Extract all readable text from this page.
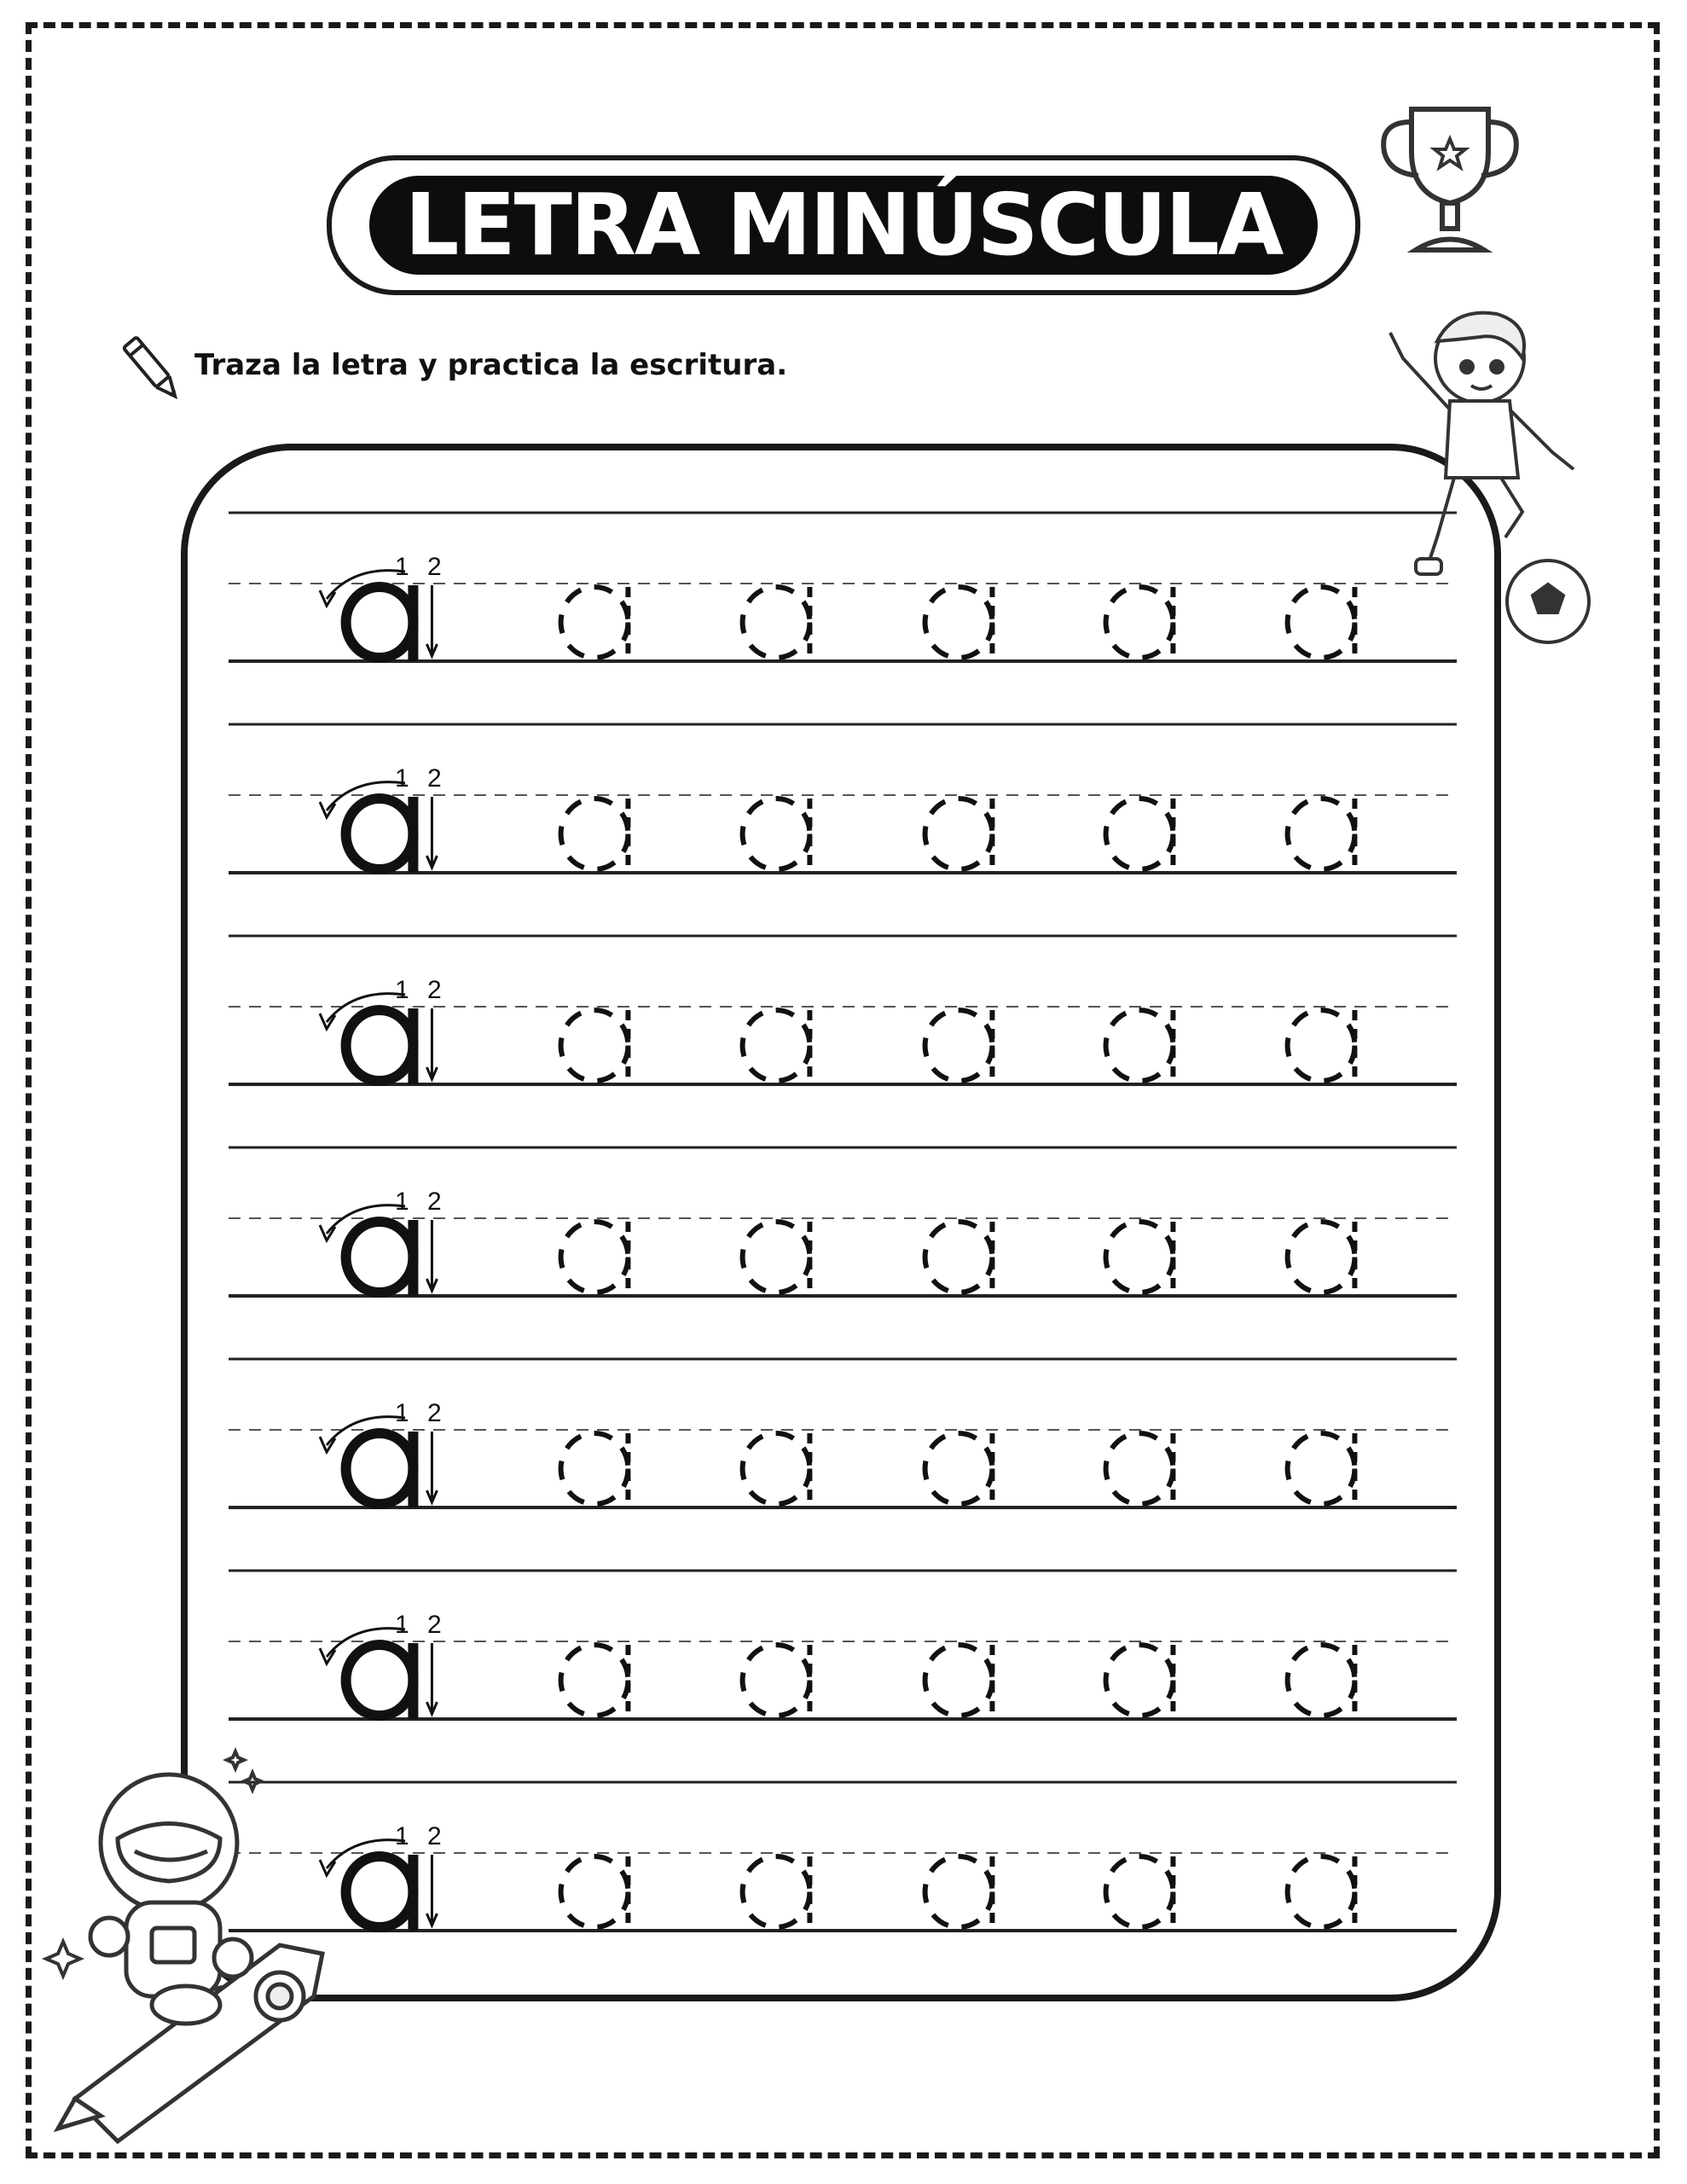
LETRA MINÚSCULA
Traza la letra y practica la escritura.
1 2
1 2
1 2
1 2
1 2
1 2
1 2
